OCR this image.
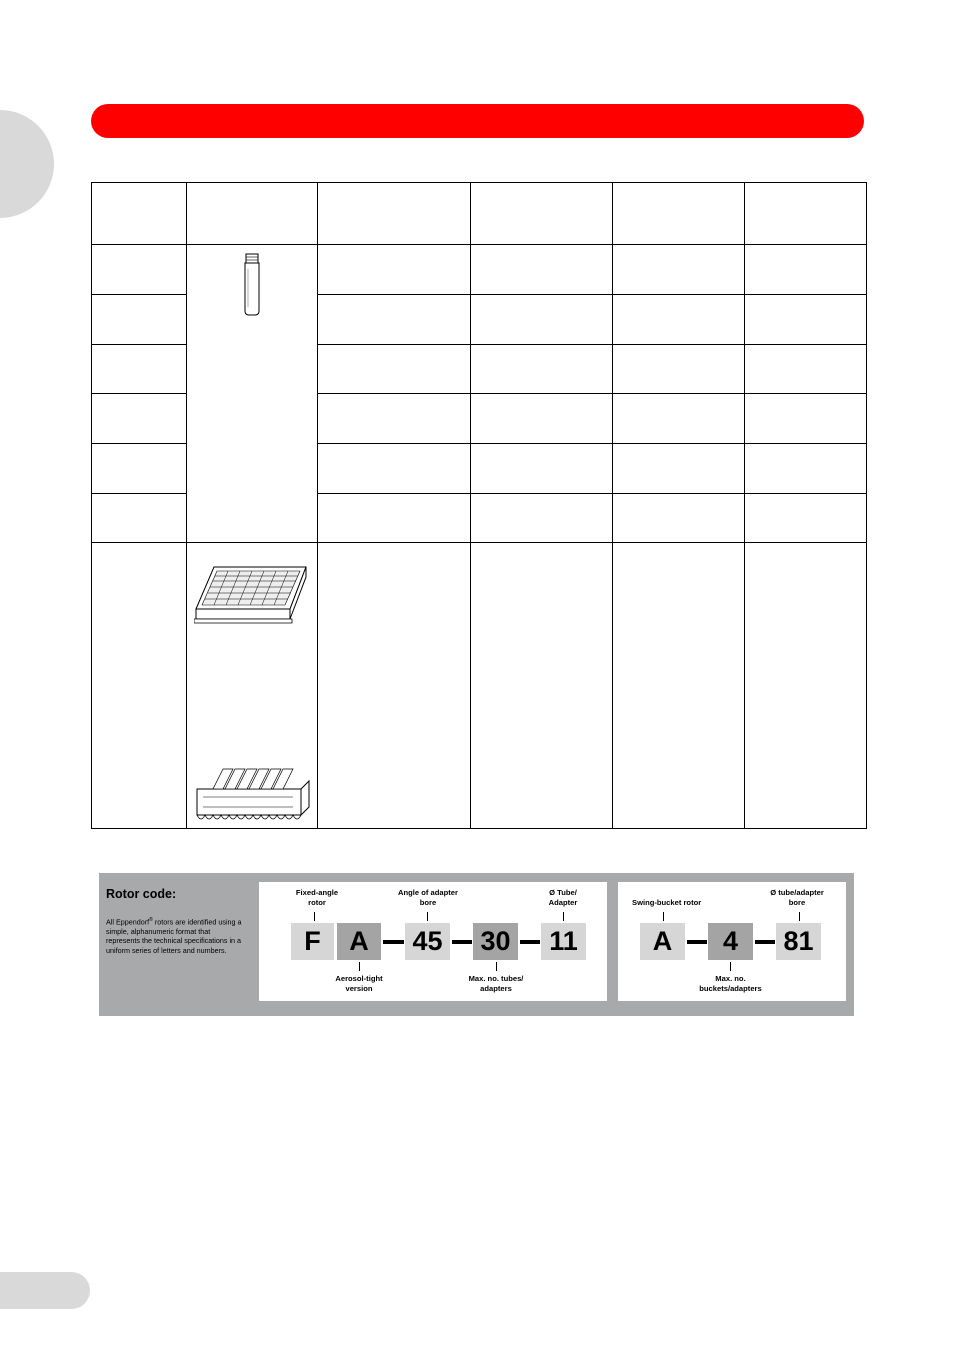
Rotor code:
All Eppendorf® rotors are identified using a simple, alphanumeric format that represents the technical specifications in a uniform series of letters and numbers.
Fixed-angle rotor
Angle of adapter bore
Ø Tube/ Adapter
F	A	45 30	11
Aerosol-tight version
Max. no. tubes/ adapters
Swing-bucket rotor
Ø tube/adapter bore
A	4	81
Max. no. buckets/adapters
